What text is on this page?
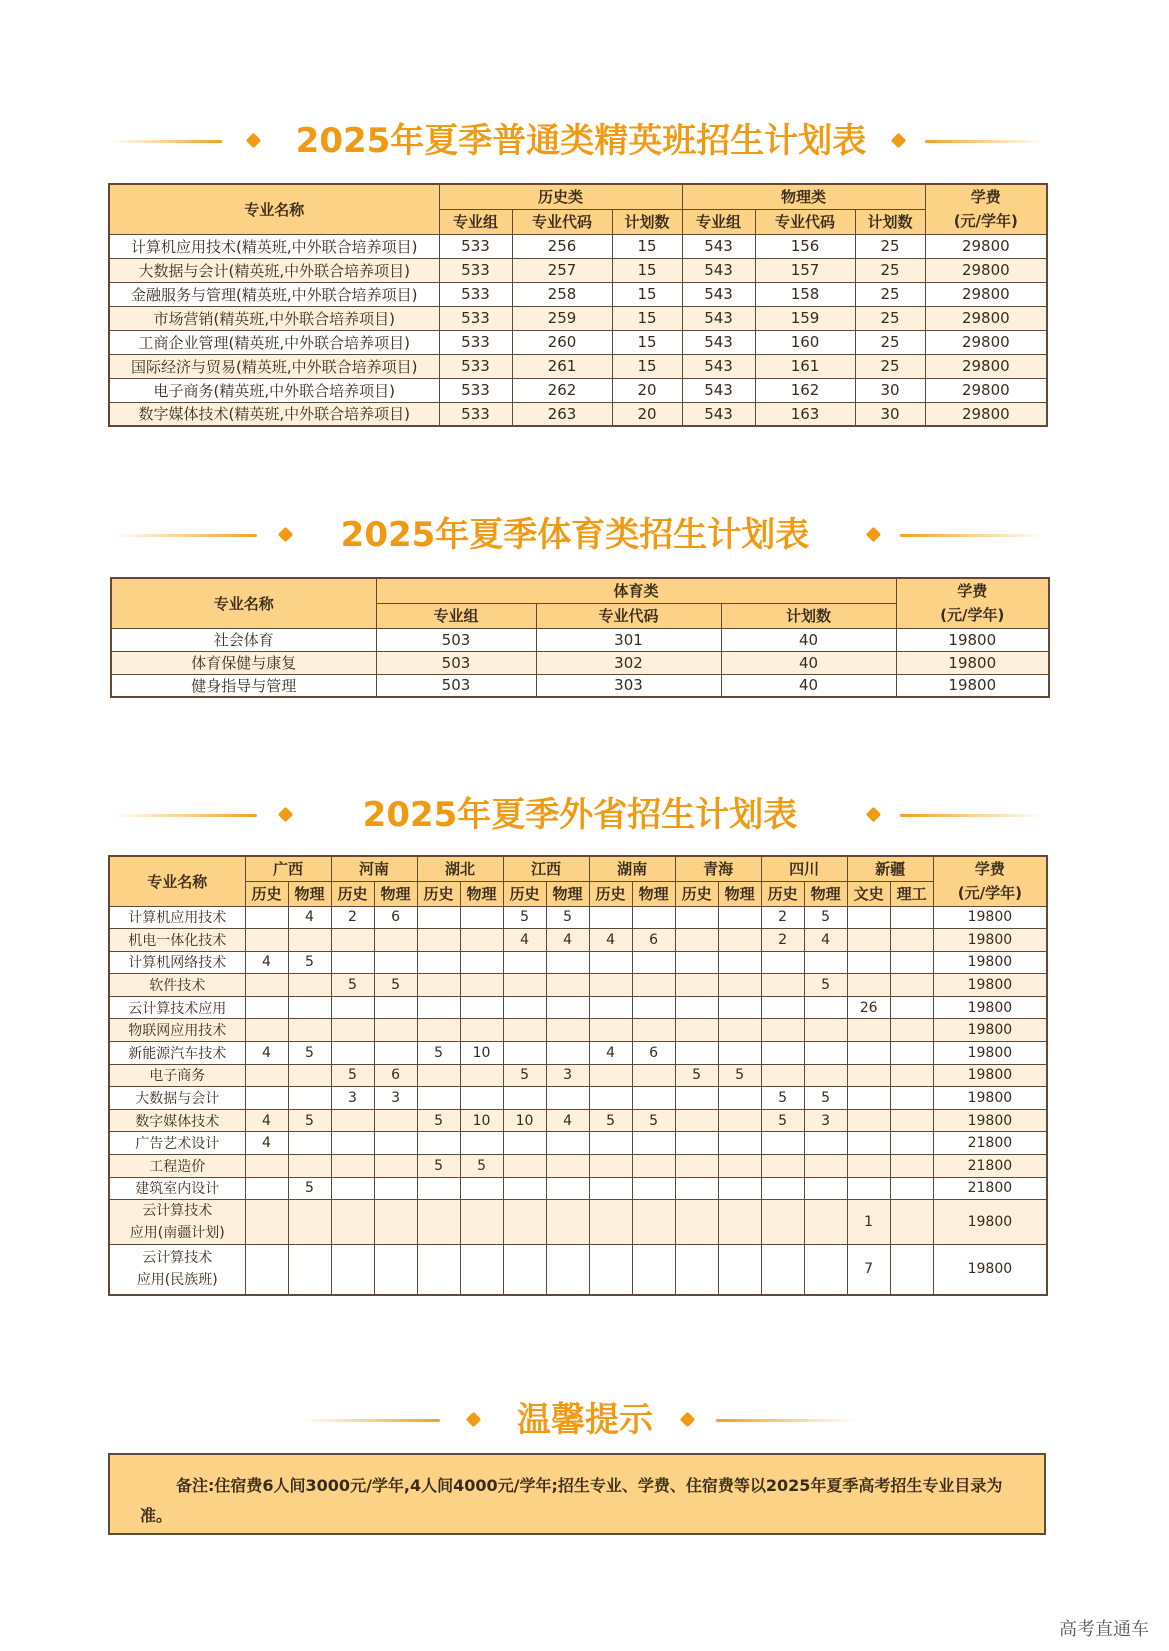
2025年夏季普通类精英班招生计划表
专业名称	历史类			物理类			学费
(元/学年)
	专业组	专业代码	计划数	专业组	专业代码	计划数	
计算机应用技术(精英班,中外联合培养项目)	533	256	15	543	156	25	29800
大数据与会计(精英班,中外联合培养项目)	533	257	15	543	157	25	29800
金融服务与管理(精英班,中外联合培养项目)	533	258	15	543	158	25	29800
市场营销(精英班,中外联合培养项目)	533	259	15	543	159	25	29800
工商企业管理(精英班,中外联合培养项目)	533	260	15	543	160	25	29800
国际经济与贸易(精英班,中外联合培养项目)	533	261	15	543	161	25	29800
电子商务(精英班,中外联合培养项目)	533	262	20	543	162	30	29800
数字媒体技术(精英班,中外联合培养项目)	533	263	20	543	163	30	29800
2025年夏季体育类招生计划表
专业名称	体育类			学费
(元/学年)
	专业组	专业代码	计划数	
社会体育	503	301	40	19800
体育保健与康复	503	302	40	19800
健身指导与管理	503	303	40	19800
2025年夏季外省招生计划表
专业名称	广西		河南		湖北		江西		湖南		青海		四川		新疆		学费
(元/学年)
	历史	物理	历史	物理	历史	物理	历史	物理	历史	物理	历史	物理	历史	物理	文史	理工	
计算机应用技术		4	2	6			5	5					2	5			19800
机电一体化技术							4	4	4	6			2	4			19800
计算机网络技术	4	5															19800
软件技术			5	5										5			19800
云计算技术应用															26		19800
物联网应用技术																	19800
新能源汽车技术	4	5			5	10			4	6							19800
电子商务			5	6			5	3			5	5					19800
大数据与会计			3	3									5	5			19800
数字媒体技术	4	5			5	10	10	4	5	5			5	3			19800
广告艺术设计	4																21800
工程造价					5	5											21800
建筑室内设计		5															21800
云计算技术
应用(南疆计划)															1		19800
云计算技术
应用(民族班)															7		19800
温馨提示
备注:住宿费6人间3000元/学年,4人间4000元/学年;招生专业、学费、住宿费等以2025年夏季高考招生专业目录为准。
高考直通车
